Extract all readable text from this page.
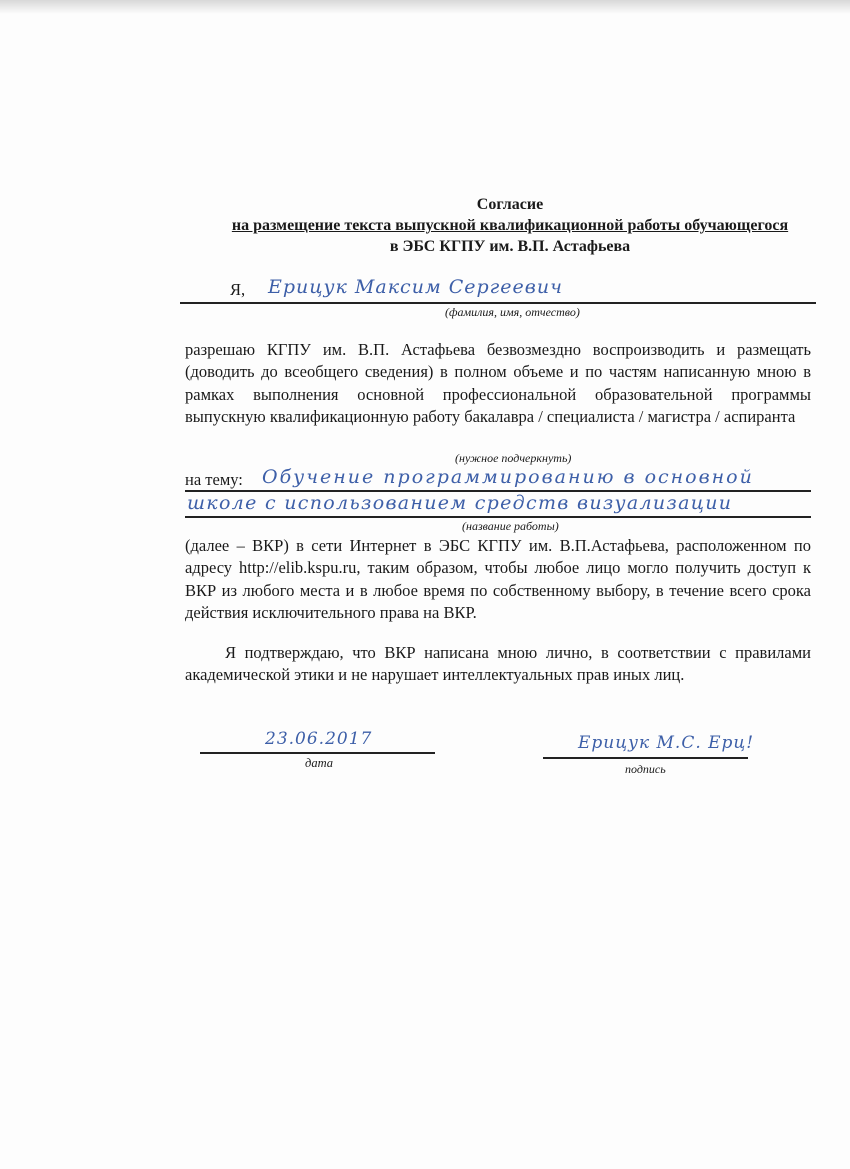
Согласие
на размещение текста выпускной квалификационной работы обучающегося
в ЭБС КГПУ им. В.П. Астафьева
Я, Ерицук Максим Сергеевич
(фамилия, имя, отчество)
разрешаю КГПУ им. В.П. Астафьева безвозмездно воспроизводить и размещать (доводить до всеобщего сведения) в полном объеме и по частям написанную мною в рамках выполнения основной профессиональной образовательной программы выпускную квалификационную работу бакалавра / специалиста / магистра / аспиранта
(нужное подчеркнуть)
на тему: Обучение программированию в основной
школе с использованием средств визуализации
(название работы)
(далее – ВКР) в сети Интернет в ЭБС КГПУ им. В.П.Астафьева, расположенном по адресу http://elib.kspu.ru, таким образом, чтобы любое лицо могло получить доступ к ВКР из любого места и в любое время по собственному выбору, в течение всего срока действия исключительного права на ВКР.
Я подтверждаю, что ВКР написана мною лично, в соответствии с правилами академической этики и не нарушает интеллектуальных прав иных лиц.
23.06.2017
дата
Ерицук М.С. Ерц!
подпись
